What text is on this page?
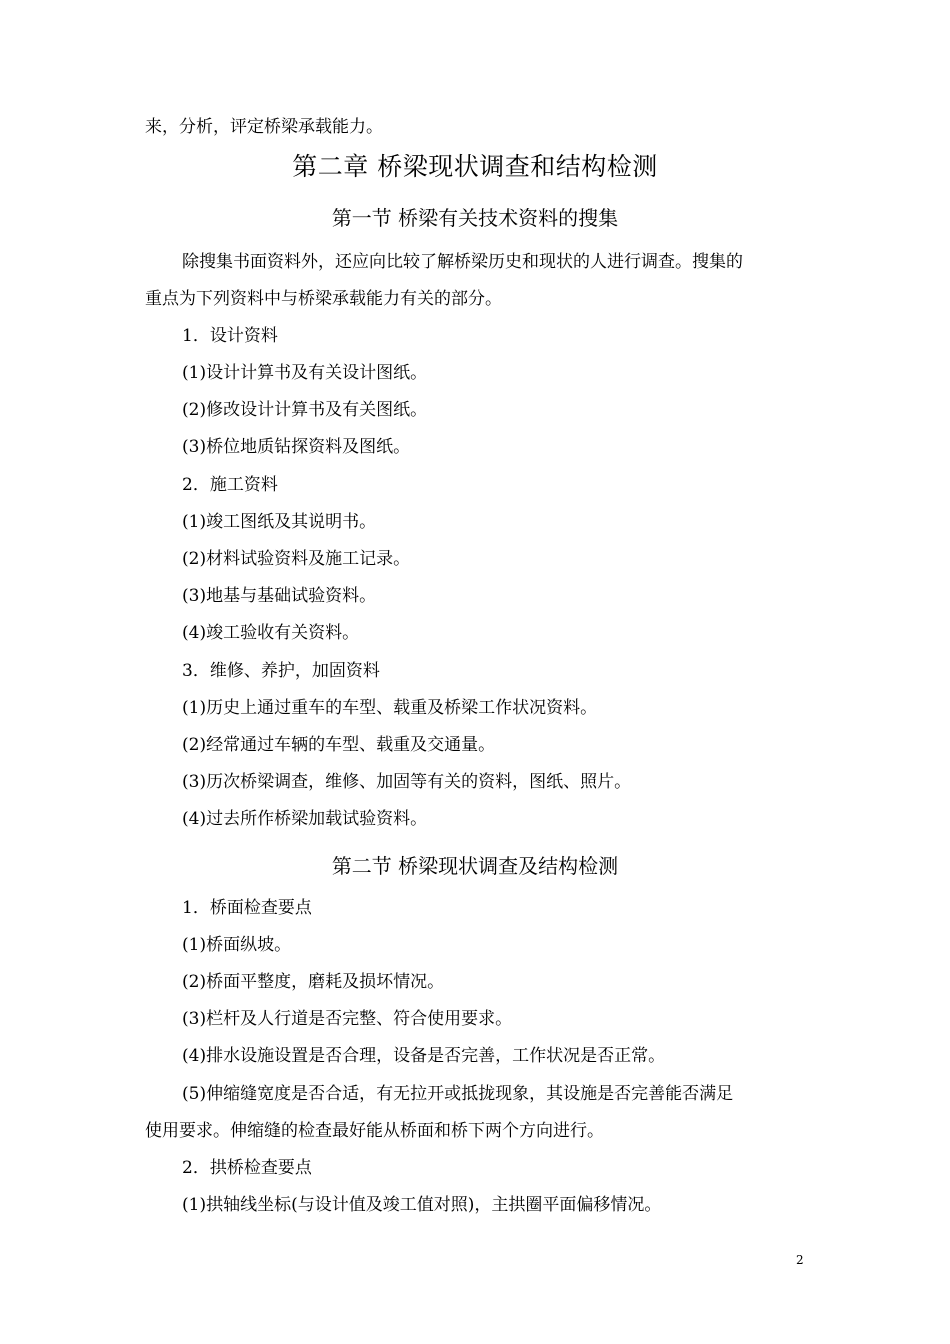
来，分析，评定桥梁承载能力。
第二章 桥梁现状调查和结构检测
第一节 桥梁有关技术资料的搜集
除搜集书面资料外，还应向比较了解桥梁历史和现状的人进行调查。搜集的
重点为下列资料中与桥梁承载能力有关的部分。
1．设计资料
(1)设计计算书及有关设计图纸。
(2)修改设计计算书及有关图纸。
(3)桥位地质钻探资料及图纸。
2．施工资料
(1)竣工图纸及其说明书。
(2)材料试验资料及施工记录。
(3)地基与基础试验资料。
(4)竣工验收有关资料。
3．维修、养护，加固资料
(1)历史上通过重车的车型、载重及桥梁工作状况资料。
(2)经常通过车辆的车型、载重及交通量。
(3)历次桥梁调查，维修、加固等有关的资料，图纸、照片。
(4)过去所作桥梁加载试验资料。
第二节 桥梁现状调查及结构检测
1．桥面检查要点
(1)桥面纵坡。
(2)桥面平整度，磨耗及损坏情况。
(3)栏杆及人行道是否完整、符合使用要求。
(4)排水设施设置是否合理，设备是否完善，工作状况是否正常。
(5)伸缩缝宽度是否合适，有无拉开或抵拢现象，其设施是否完善能否满足
使用要求。伸缩缝的检查最好能从桥面和桥下两个方向进行。
2．拱桥检查要点
(1)拱轴线坐标(与设计值及竣工值对照)，主拱圈平面偏移情况。
2
